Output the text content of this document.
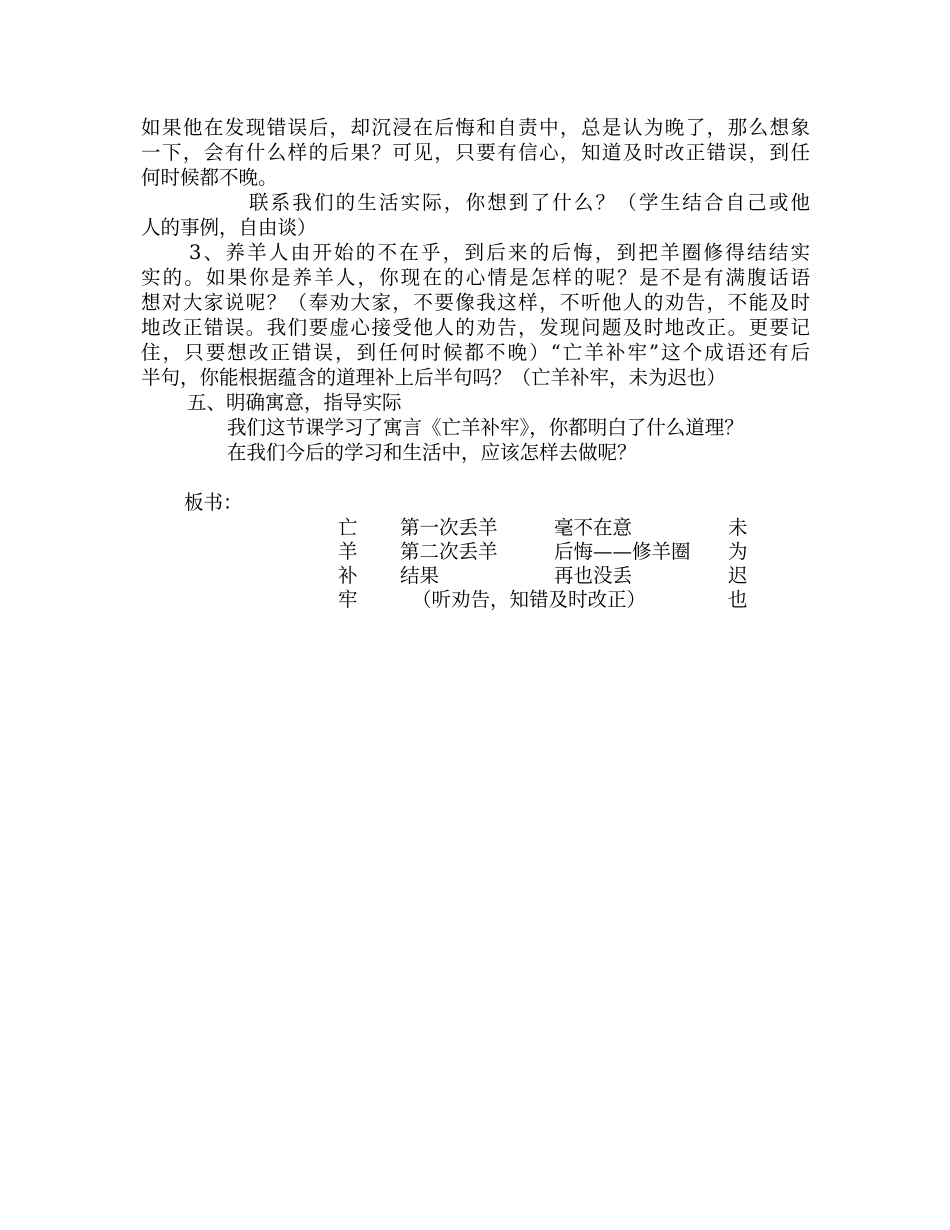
如果他在发现错误后，却沉浸在后悔和自责中，总是认为晚了，那么想象
一下，会有什么样的后果？可见，只要有信心，知道及时改正错误，到任
何时候都不晚。
联系我们的生活实际，你想到了什么？（学生结合自己或他
人的事例，自由谈）
3、养羊人由开始的不在乎，到后来的后悔，到把羊圈修得结结实
实的。如果你是养羊人，你现在的心情是怎样的呢？是不是有满腹话语
想对大家说呢？（奉劝大家，不要像我这样，不听他人的劝告，不能及时
地改正错误。我们要虚心接受他人的劝告，发现问题及时地改正。更要记
住，只要想改正错误，到任何时候都不晚）“亡羊补牢”这个成语还有后
半句，你能根据蕴含的道理补上后半句吗？（亡羊补牢，未为迟也）
五、明确寓意，指导实际
我们这节课学习了寓言《亡羊补牢》，你都明白了什么道理？
在我们今后的学习和生活中，应该怎样去做呢？
板书：
亡
羊
补
牢
第一次丢羊
第二次丢羊
结果
毫不在意
后悔——修羊圈
再也没丢
（听劝告，知错及时改正）
未
为
迟
也
